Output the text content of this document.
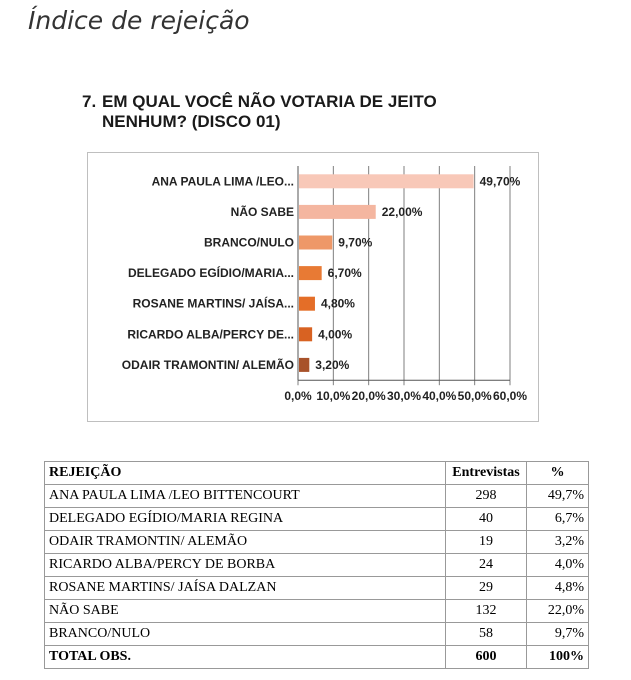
Índice de rejeição
7. EM QUAL VOCÊ NÃO VOTARIA DE JEITO
NENHUM? (DISCO 01)
0,0% 10,0% 20,0% 30,0% 40,0% 50,0% 60,0%
ANA PAULA LIMA /LEO...	49,70%
NÃO SABE	22,00%
BRANCO/NULO	9,70%
DELEGADO EGÍDIO/MARIA...	6,70%
ROSANE MARTINS/ JAÍSA... 4,80%
RICARDO ALBA/PERCY DE... 4,00%
ODAIR TRAMONTIN/ ALEMÃO 3,20%
REJEIÇÃO	Entrevistas	%
ANA PAULA LIMA /LEO BITTENCOURT	298	49,7%
DELEGADO EGÍDIO/MARIA REGINA	40	6,7%
ODAIR TRAMONTIN/ ALEMÃO	19	3,2%
RICARDO ALBA/PERCY DE BORBA	24	4,0%
ROSANE MARTINS/ JAÍSA DALZAN	29	4,8%
NÃO SABE	132	22,0%
BRANCO/NULO	58	9,7%
TOTAL OBS.	600	100%
